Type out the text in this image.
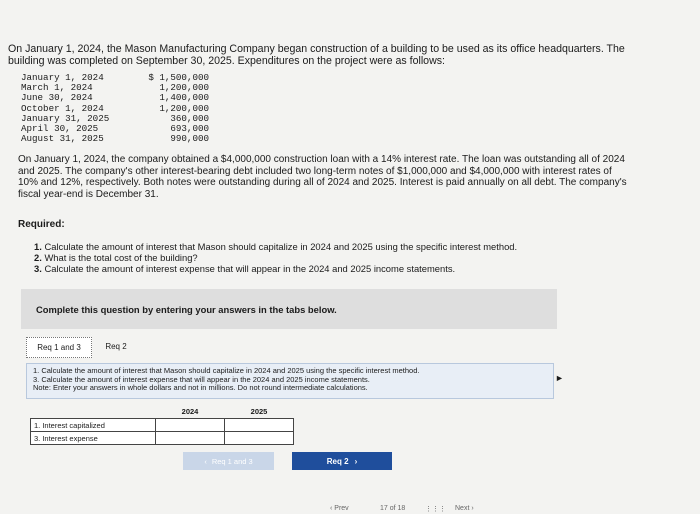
On January 1, 2024, the Mason Manufacturing Company began construction of a building to be used as its office headquarters. The building was completed on September 30, 2025. Expenditures on the project were as follows:
January 1, 2024	$ 1,500,000
March 1, 2024	1,200,000
June 30, 2024	1,400,000
October 1, 2024	1,200,000
January 31, 2025	360,000
April 30, 2025	693,000
August 31, 2025	990,000
On January 1, 2024, the company obtained a $4,000,000 construction loan with a 14% interest rate. The loan was outstanding all of 2024 and 2025. The company's other interest-bearing debt included two long-term notes of $1,000,000 and $4,000,000 with interest rates of 10% and 12%, respectively. Both notes were outstanding during all of 2024 and 2025. Interest is paid annually on all debt. The company's fiscal year-end is December 31.
Required:
1. Calculate the amount of interest that Mason should capitalize in 2024 and 2025 using the specific interest method.
2. What is the total cost of the building?
3. Calculate the amount of interest expense that will appear in the 2024 and 2025 income statements.
Complete this question by entering your answers in the tabs below.
Req 1 and 3	Req 2
1. Calculate the amount of interest that Mason should capitalize in 2024 and 2025 using the specific interest method.
3. Calculate the amount of interest expense that will appear in the 2024 and 2025 income statements.
Note: Enter your answers in whole dollars and not in millions. Do not round intermediate calculations.
►
	2024	2025
1. Interest capitalized		
3. Interest expense		
‹ Req 1 and 3	Req 2 ›
‹ Prev	17 of 18	⋮⋮⋮ Next ›
